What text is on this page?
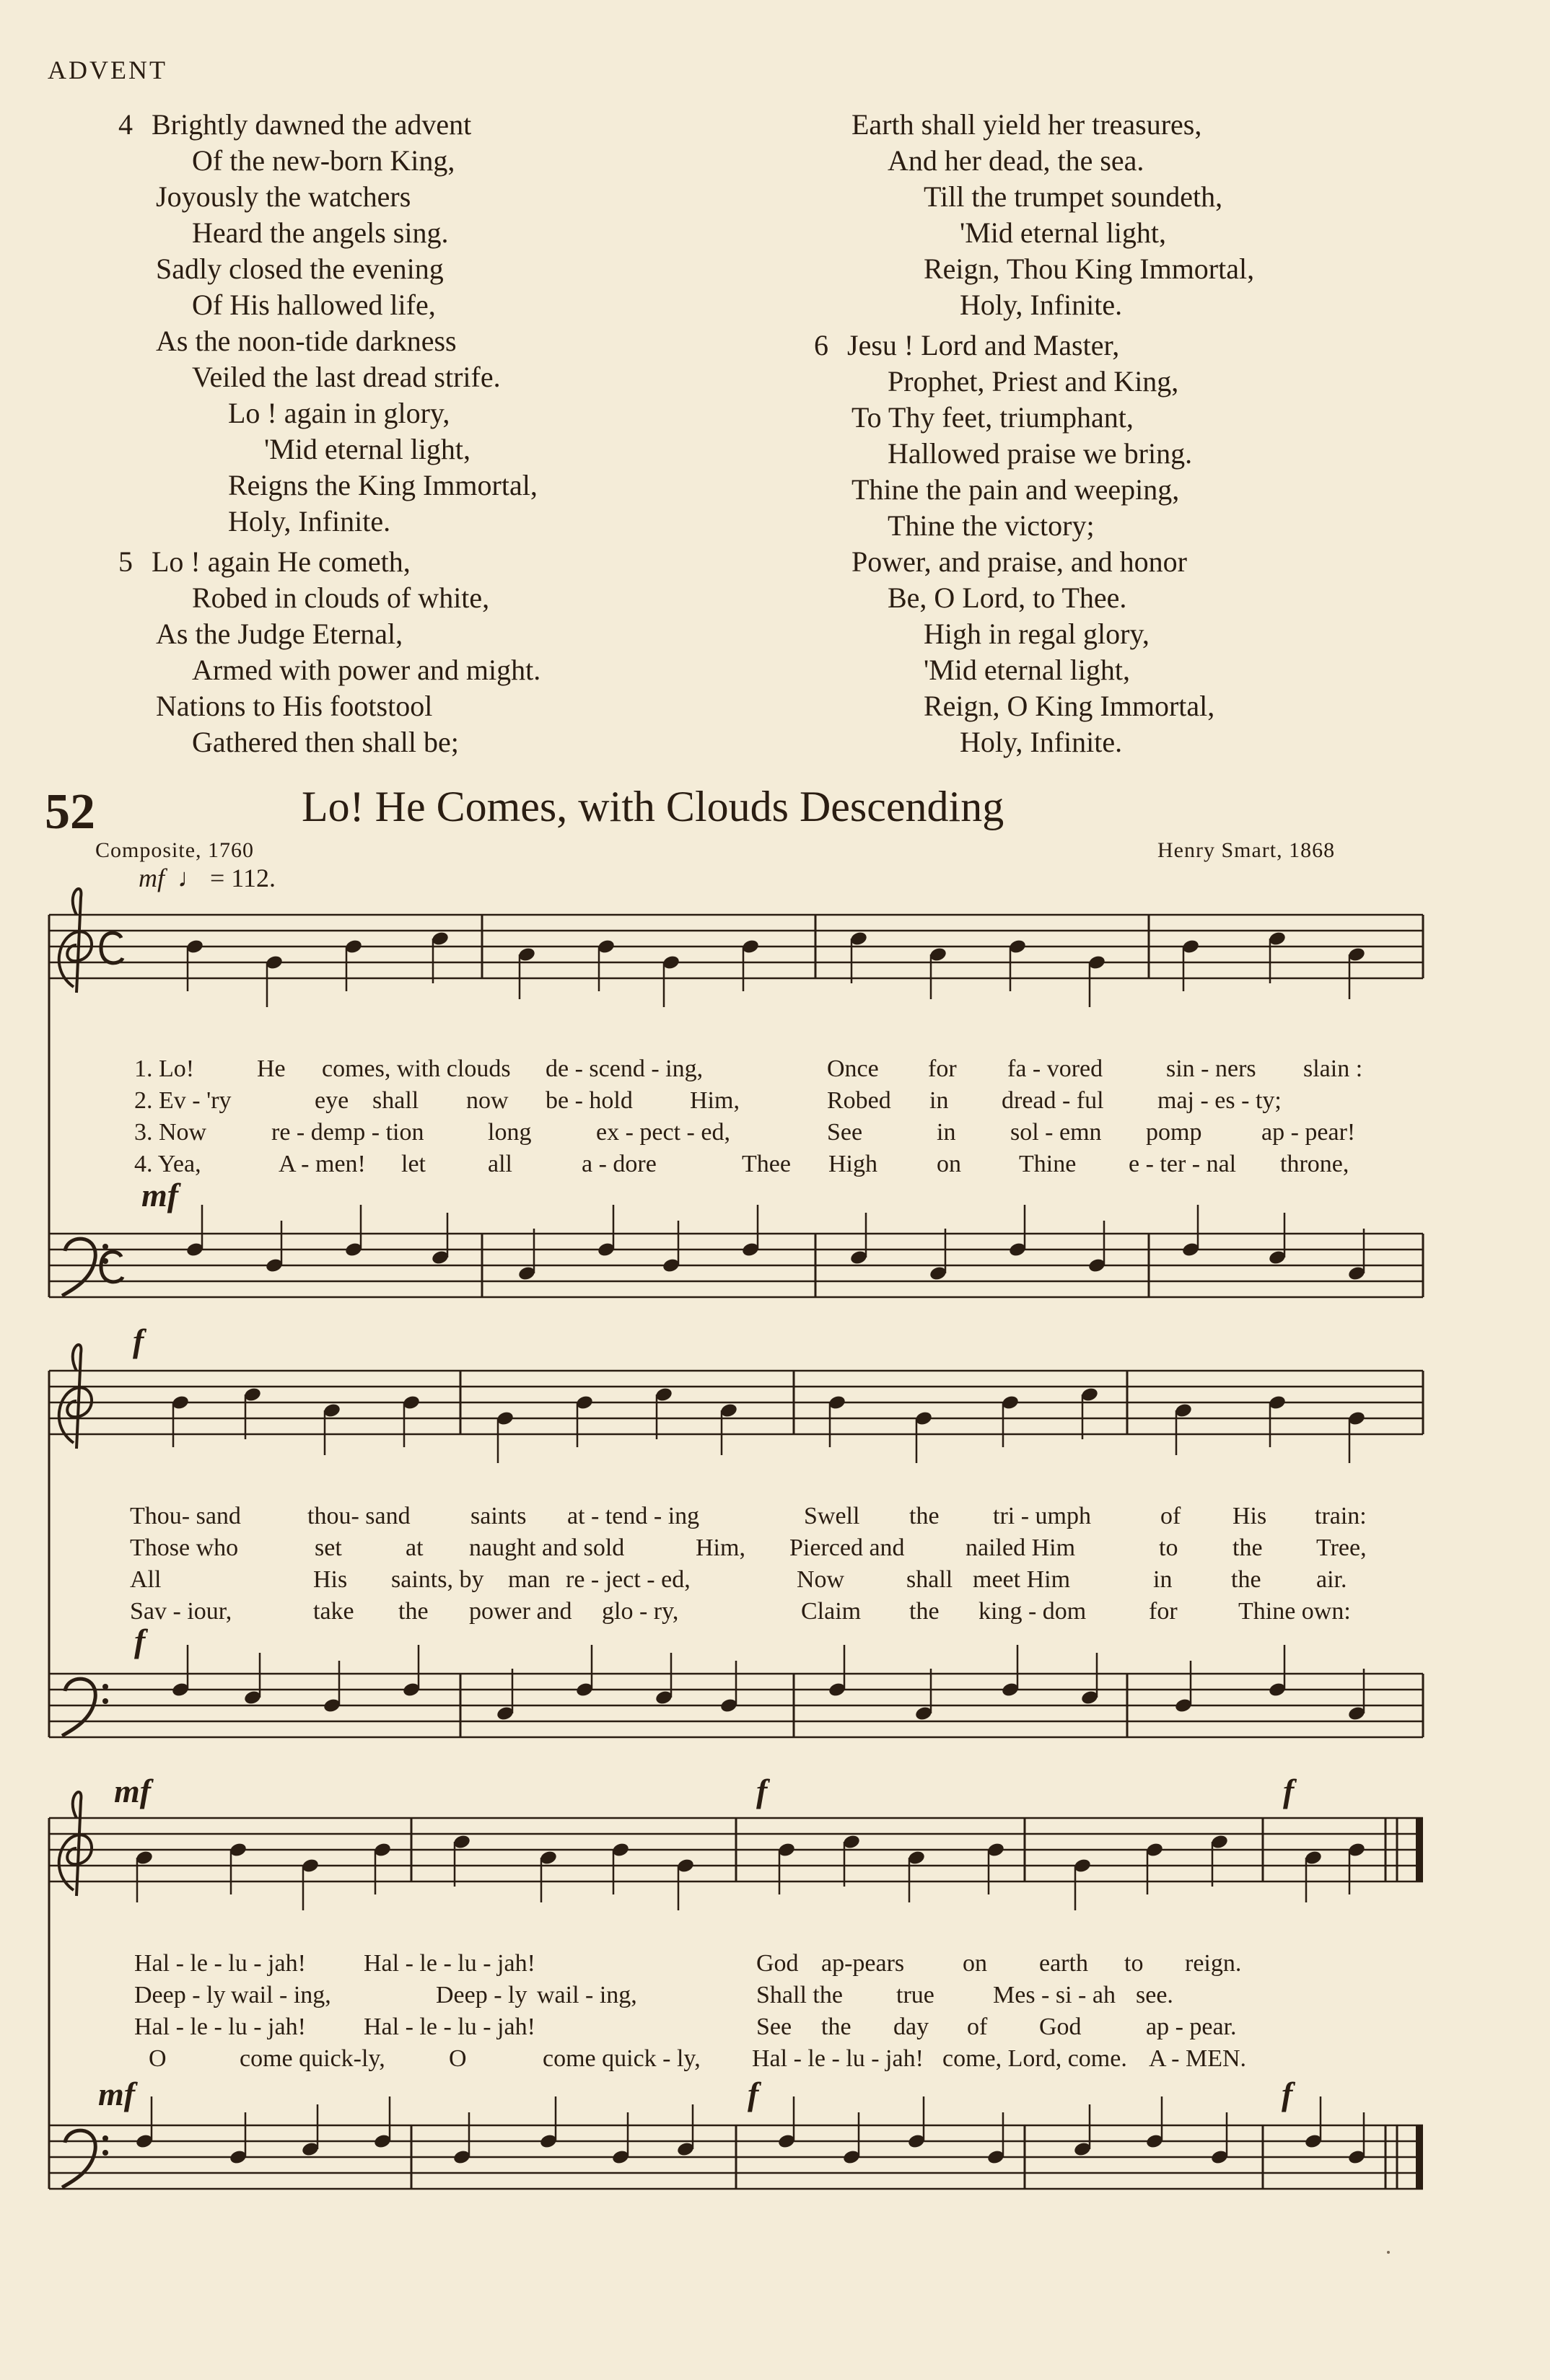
ADVENT
4 Brightly dawned the advent
Of the new-born King,
Joyously the watchers
Heard the angels sing.
Sadly closed the evening
Of His hallowed life,
As the noon-tide darkness
Veiled the last dread strife.
Lo ! again in glory,
'Mid eternal light,
Reigns the King Immortal,
Holy, Infinite.
5 Lo ! again He cometh,
Robed in clouds of white,
As the Judge Eternal,
Armed with power and might.
Nations to His footstool
Gathered then shall be;
Earth shall yield her treasures,
And her dead, the sea.
Till the trumpet soundeth,
'Mid eternal light,
Reign, Thou King Immortal,
Holy, Infinite.
6 Jesu ! Lord and Master,
Prophet, Priest and King,
To Thy feet, triumphant,
Hallowed praise we bring.
Thine the pain and weeping,
Thine the victory;
Power, and praise, and honor
Be, O Lord, to Thee.
High in regal glory,
'Mid eternal light,
Reign, O King Immortal,
Holy, Infinite.
52	Lo! He Comes, with Clouds Descending
Composite, 1760	Henry Smart, 1868
mf  ♩ = 112.
mf
f
f
mf	f	f
mf	f	f
1. Lo!	He comes, with clouds de - scend - ing,	Once for fa - vored	sin - ners slain :
2. Ev - 'ry	eye shall now be - hold Him,	Robed in dread - ful maj - es - ty;
3. Now	re - demp - tion	long	ex - pect - ed,	See	in sol - emn pomp ap - pear!
4. Yea,	A - men! let	all	a - dore	Thee High on Thine e - ter - nal throne,
Thou- sand	thou- sand saints at - tend - ing	Swell the tri - umph	of His train:
Those who	set	at naught and sold	Him, Pierced and nailed Him	to the Tree,
All	His saints, by man re - ject - ed,	Now	shall meet Him	in the air.
Sav - iour,	take the power and glo - ry,	Claim the king - dom	for Thine own:
Hal - le - lu - jah! Hal - le - lu - jah!	God ap-pears on earth to reign.
Deep - ly wail - ing,	Deep - ly wail - ing,	Shall the true Mes - si - ah see.
Hal - le - lu - jah! Hal - le - lu - jah!	See the day of God	ap - pear.
O	come quick-ly,	O	come quick - ly, Hal - le - lu - jah! come, Lord, come. A - MEN.
